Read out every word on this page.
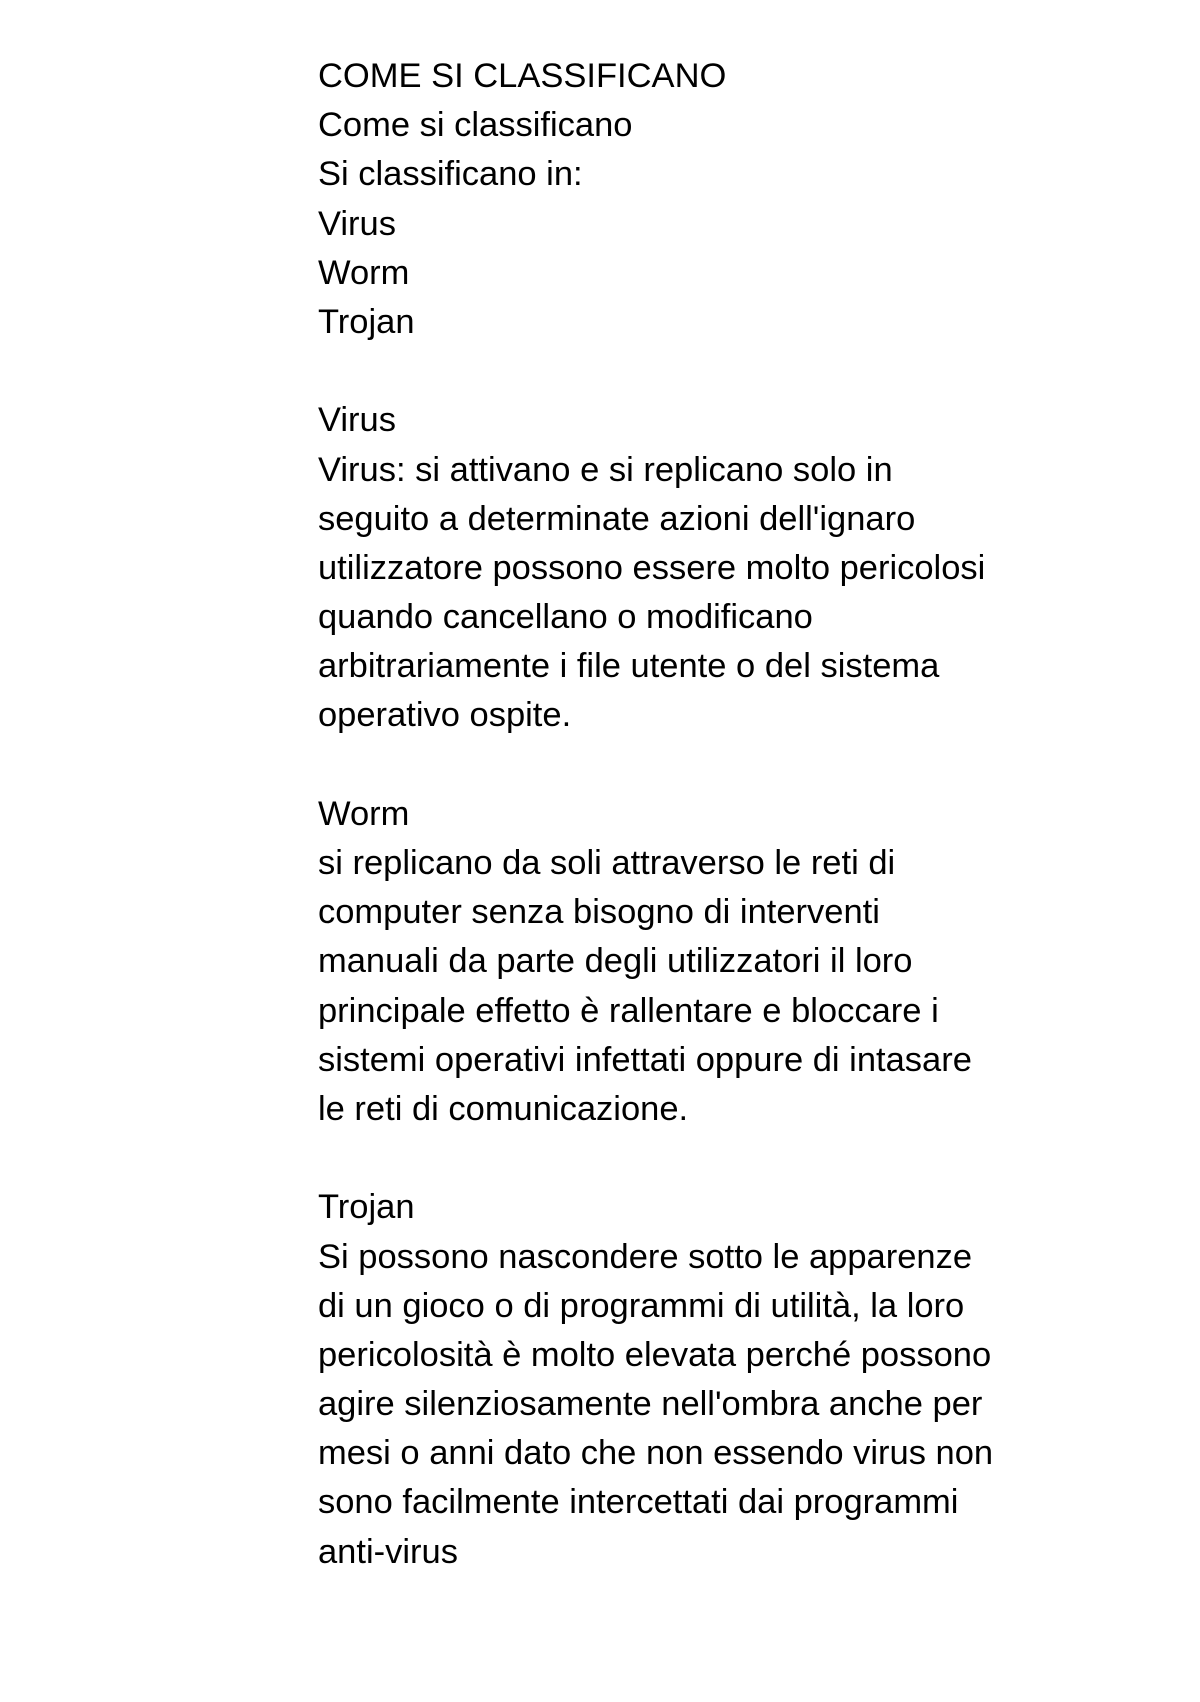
COME SI CLASSIFICANO
Come si classificano
Si classificano in:
Virus
Worm
Trojan
Virus
Virus: si attivano e si replicano solo in
seguito a determinate azioni dell'ignaro
utilizzatore possono essere molto pericolosi
quando cancellano o modificano
arbitrariamente i file utente o del sistema
operativo ospite.
Worm
si replicano da soli attraverso le reti di
computer senza bisogno di interventi
manuali da parte degli utilizzatori il loro
principale effetto è rallentare e bloccare i
sistemi operativi infettati oppure di intasare
le reti di comunicazione.
Trojan
Si possono nascondere sotto le apparenze
di un gioco o di programmi di utilità, la loro
pericolosità è molto elevata perché possono
agire silenziosamente nell'ombra anche per
mesi o anni dato che non essendo virus non
sono facilmente intercettati dai programmi
anti-virus
